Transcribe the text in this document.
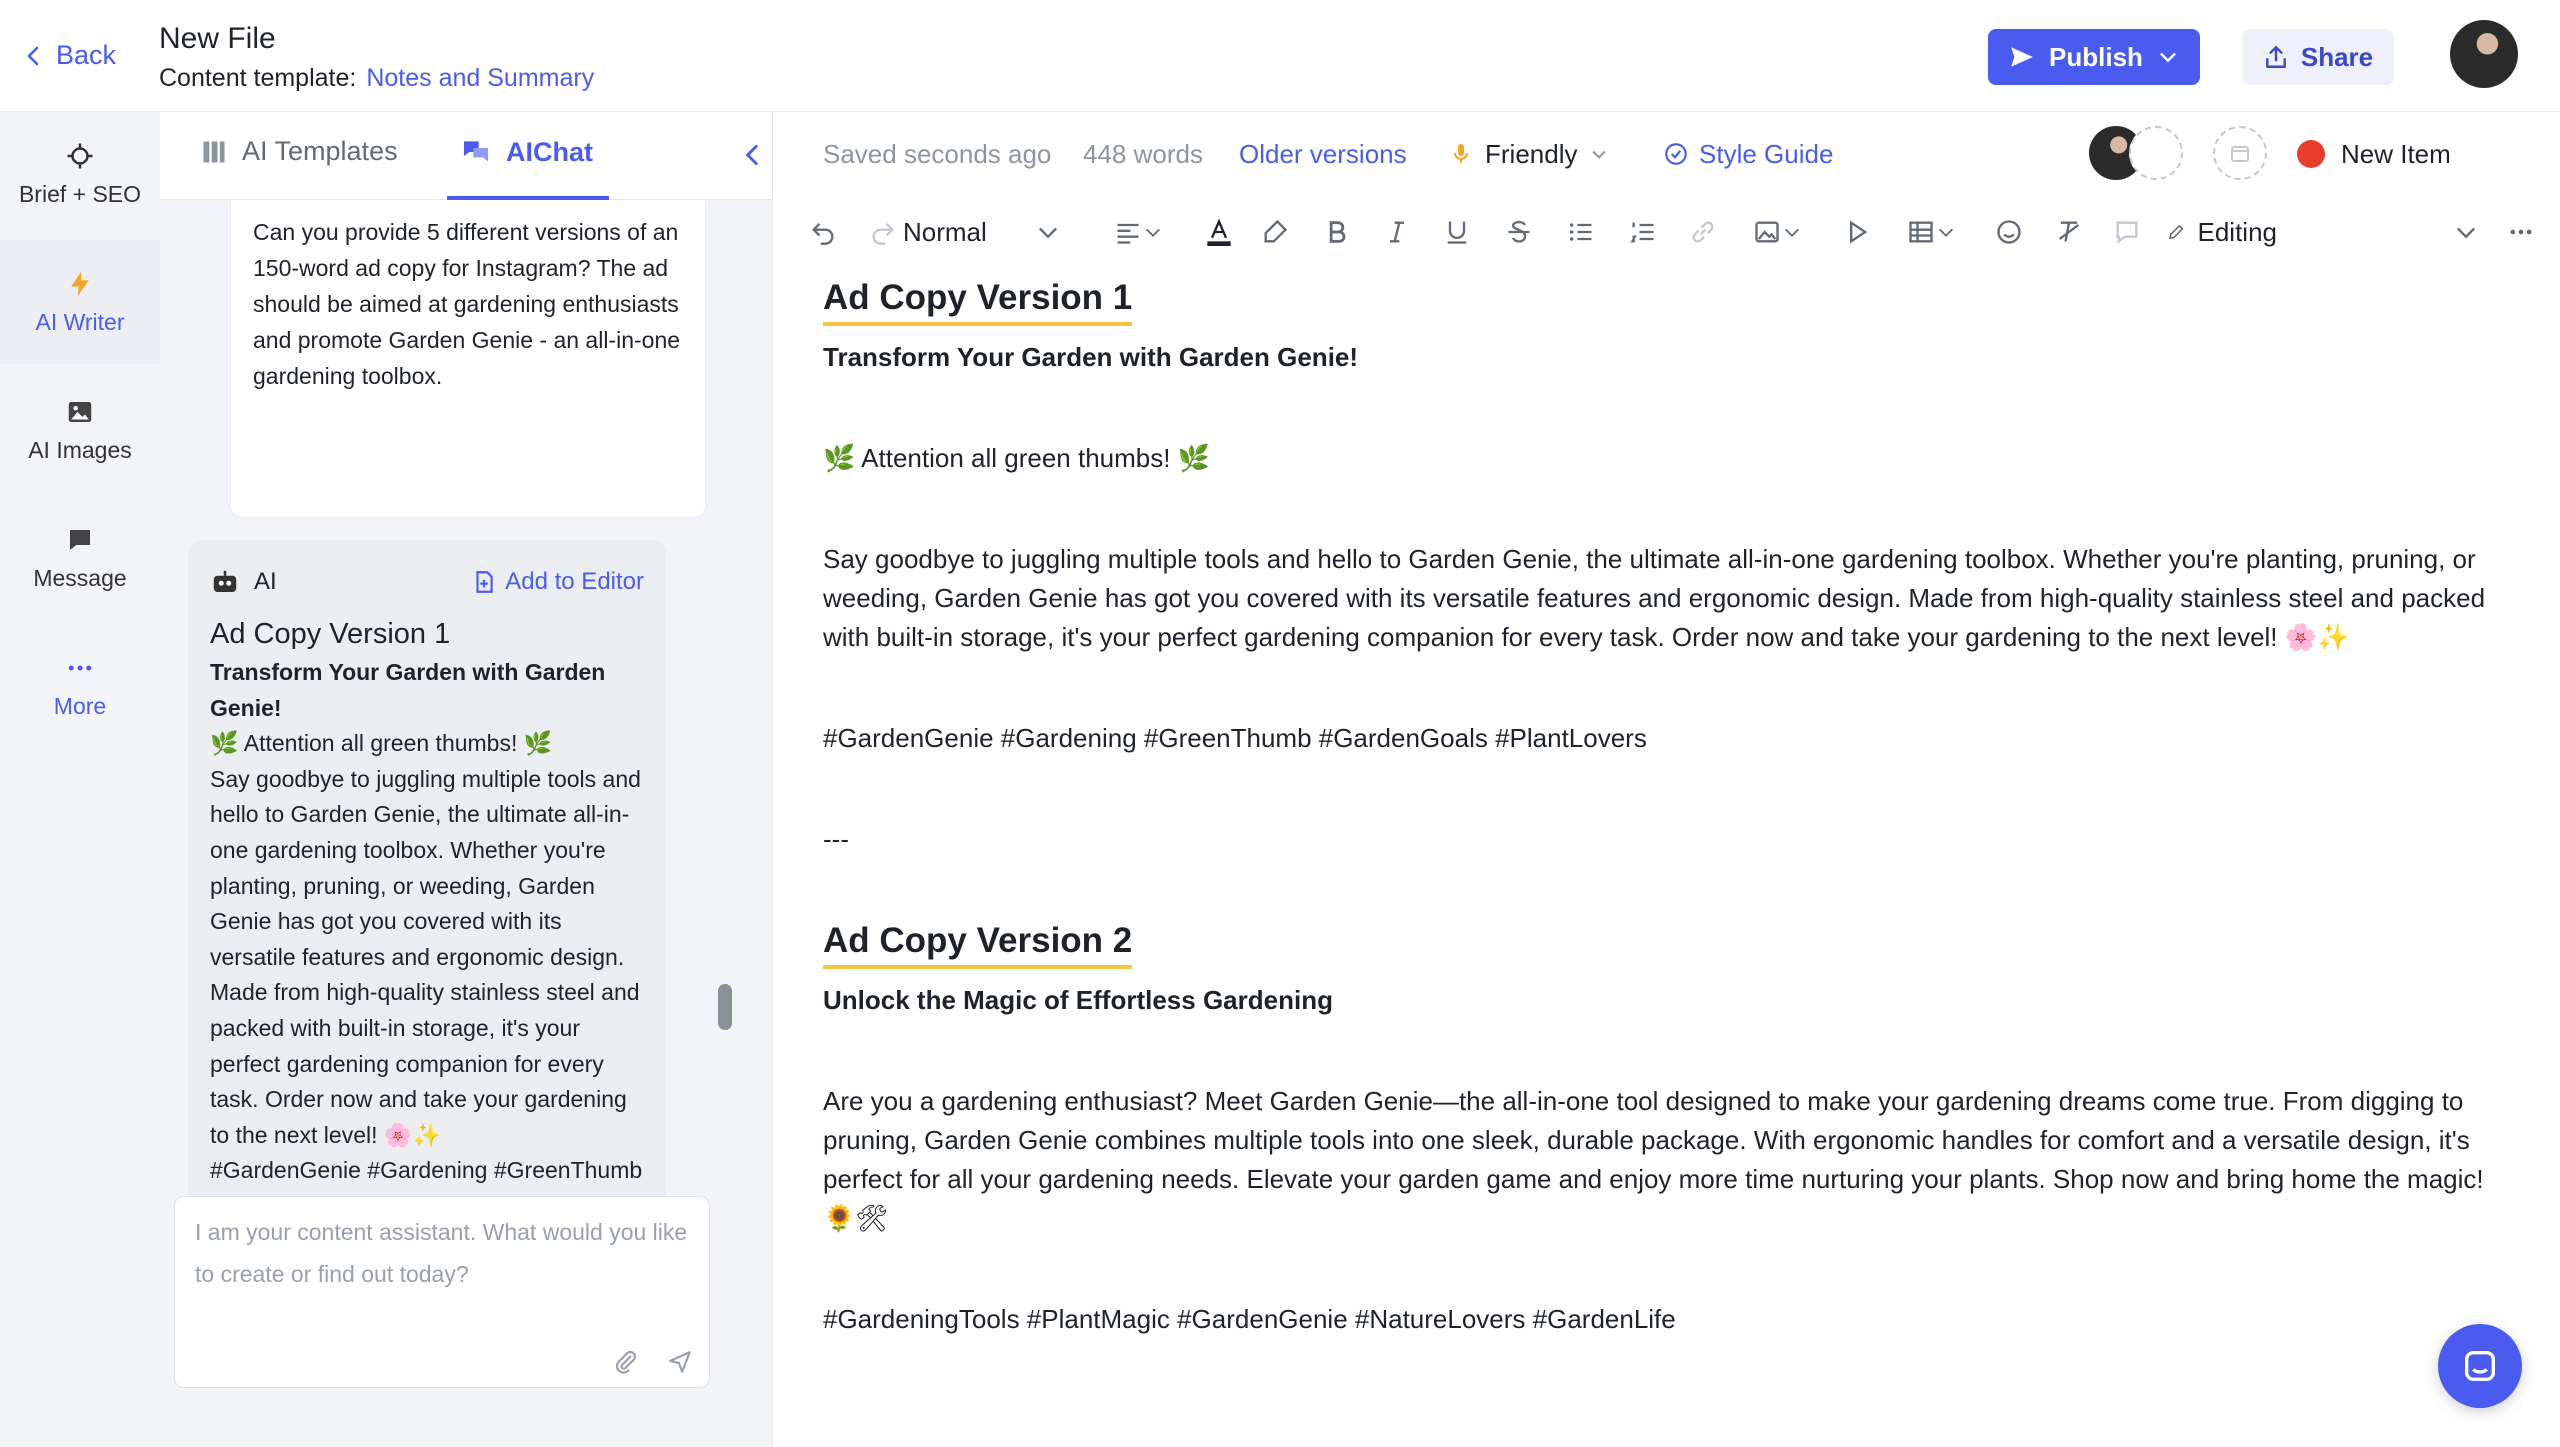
Back New File
Content template: Notes and Summary
Publish	Share
Brief + SEO
AI Writer
AI Images
Message
More
AI Templates	AIChat
Can you provide 5 different versions of an 150-word ad copy for Instagram? The ad should be aimed at gardening enthusiasts and promote Garden Genie - an all-in-one gardening toolbox.
AI	Add to Editor
Ad Copy Version 1
Transform Your Garden with Garden Genie!
🌿 Attention all green thumbs! 🌿
Say goodbye to juggling multiple tools and hello to Garden Genie, the ultimate all-in-one gardening toolbox. Whether you're planting, pruning, or weeding, Garden Genie has got you covered with its versatile features and ergonomic design. Made from high-quality stainless steel and packed with built-in storage, it's your perfect gardening companion for every task. Order now and take your gardening to the next level! 🌸✨
#GardenGenie #Gardening #GreenThumb
I am your content assistant. What would you like to create or find out today?
Saved seconds ago 448 words Older versions	Friendly	Style Guide	New Item
Normal	Editing
Ad Copy Version 1
Transform Your Garden with Garden Genie!
🌿 Attention all green thumbs! 🌿
Say goodbye to juggling multiple tools and hello to Garden Genie, the ultimate all-in-one gardening toolbox. Whether you're planting, pruning, or weeding, Garden Genie has got you covered with its versatile features and ergonomic design. Made from high-quality stainless steel and packed with built-in storage, it's your perfect gardening companion for every task. Order now and take your gardening to the next level! 🌸✨
#GardenGenie #Gardening #GreenThumb #GardenGoals #PlantLovers
---
Ad Copy Version 2
Unlock the Magic of Effortless Gardening
Are you a gardening enthusiast? Meet Garden Genie—the all-in-one tool designed to make your gardening dreams come true. From digging to pruning, Garden Genie combines multiple tools into one sleek, durable package. With ergonomic handles for comfort and a versatile design, it's perfect for all your gardening needs. Elevate your garden game and enjoy more time nurturing your plants. Shop now and bring home the magic! 🌻🛠
#GardeningTools #PlantMagic #GardenGenie #NatureLovers #GardenLife
